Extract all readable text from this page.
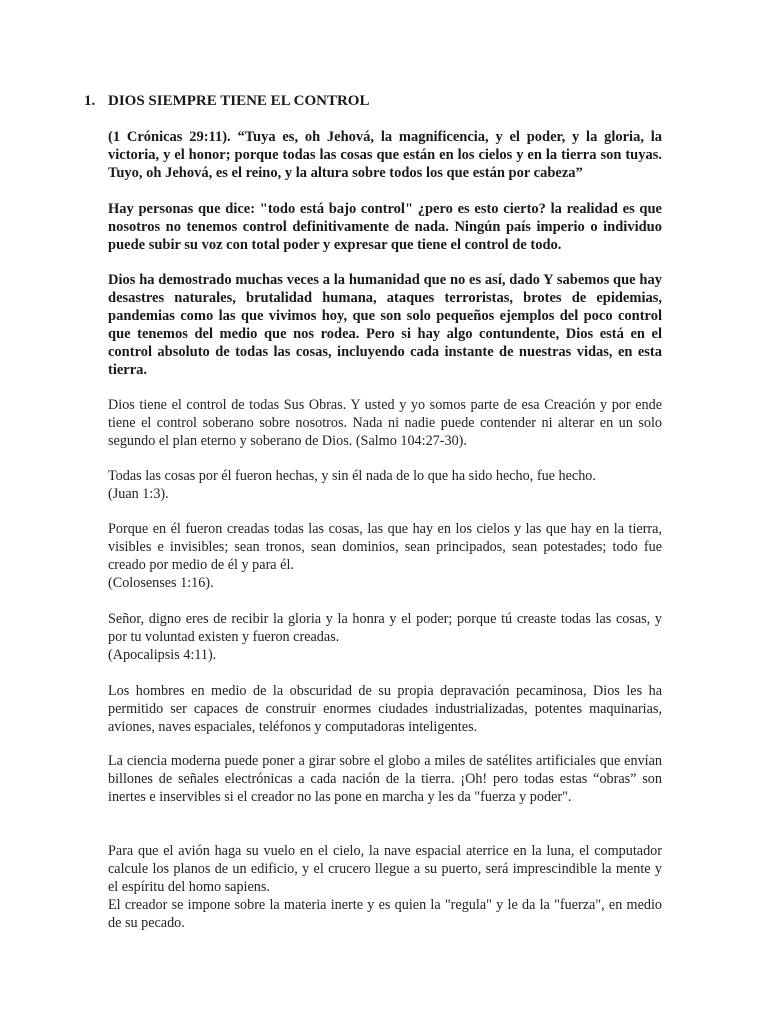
1. DIOS SIEMPRE TIENE EL CONTROL

(1 Crónicas 29:11). “Tuya es, oh Jehová, la magnificencia, y el poder, y la gloria, la victoria, y el honor; porque todas las cosas que están en los cielos y en la tierra son tuyas. Tuyo, oh Jehová, es el reino, y la altura sobre todos los que están por cabeza”

Hay personas que dice: "todo está bajo control" ¿pero es esto cierto? la realidad es que nosotros no tenemos control definitivamente de nada. Ningún país imperio o individuo puede subir su voz con total poder y expresar que tiene el control de todo.

Dios ha demostrado muchas veces a la humanidad que no es así, dado Y sabemos que hay desastres naturales, brutalidad humana, ataques terroristas, brotes de epidemias, pandemias como las que vivimos hoy, que son solo pequeños ejemplos del poco control que tenemos del medio que nos rodea. Pero si hay algo contundente, Dios está en el control absoluto de todas las cosas, incluyendo cada instante de nuestras vidas, en esta tierra.

Dios tiene el control de todas Sus Obras. Y usted y yo somos parte de esa Creación y por ende tiene el control soberano sobre nosotros. Nada ni nadie puede contender ni alterar en un solo segundo el plan eterno y soberano de Dios. (Salmo 104:27-30).

Todas las cosas por él fueron hechas, y sin él nada de lo que ha sido hecho, fue hecho.
(Juan 1:3).

Porque en él fueron creadas todas las cosas, las que hay en los cielos y las que hay en la tierra, visibles e invisibles; sean tronos, sean dominios, sean principados, sean potestades; todo fue creado por medio de él y para él.
(Colosenses 1:16).

Señor, digno eres de recibir la gloria y la honra y el poder; porque tú creaste todas las cosas, y por tu voluntad existen y fueron creadas.
(Apocalipsis 4:11).

Los hombres en medio de la obscuridad de su propia depravación pecaminosa, Dios les ha permitido ser capaces de construir enormes ciudades industrializadas, potentes maquinarias, aviones, naves espaciales, teléfonos y computadoras inteligentes.

La ciencia moderna puede poner a girar sobre el globo a miles de satélites artificiales que envían billones de señales electrónicas a cada nación de la tierra. ¡Oh! pero todas estas “obras” son inertes e inservibles si el creador no las pone en marcha y les da "fuerza y poder".

Para que el avión haga su vuelo en el cielo, la nave espacial aterrice en la luna, el computador calcule los planos de un edificio, y el crucero llegue a su puerto, será imprescindible la mente y el espíritu del homo sapiens.
El creador se impone sobre la materia inerte y es quien la "regula" y le da la "fuerza", en medio de su pecado.
